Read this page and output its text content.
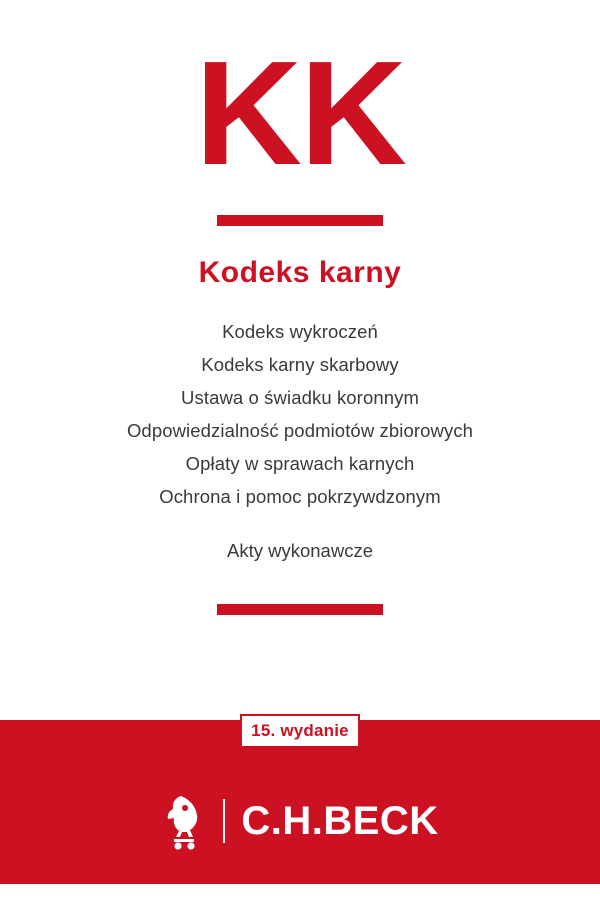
KK
Kodeks karny
Kodeks wykroczeń
Kodeks karny skarbowy
Ustawa o świadku koronnym
Odpowiedzialność podmiotów zbiorowych
Opłaty w sprawach karnych
Ochrona i pomoc pokrzywdzonym
Akty wykonawcze
15. wydanie
C.H.BECK
